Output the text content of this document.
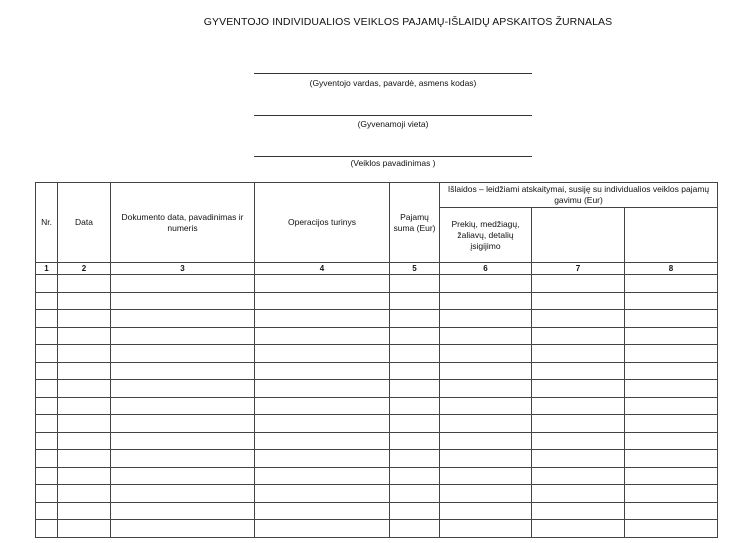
GYVENTOJO INDIVIDUALIOS VEIKLOS PAJAMŲ-IŠLAIDŲ APSKAITOS ŽURNALAS
(Gyventojo vardas, pavardė, asmens kodas)
(Gyvenamoji vieta)
(Veiklos pavadinimas )
Nr.	Data	Dokumento data, pavadinimas ir numeris	Operacijos turinys	Pajamų suma (Eur)	Išlaidos – leidžiami atskaitymai, susiję su individualios veiklos pajamų gavimu (Eur)		
					Prekių, medžiagų, žaliavų, detalių įsigijimo		
1	2	3	4	5	6	7	8
